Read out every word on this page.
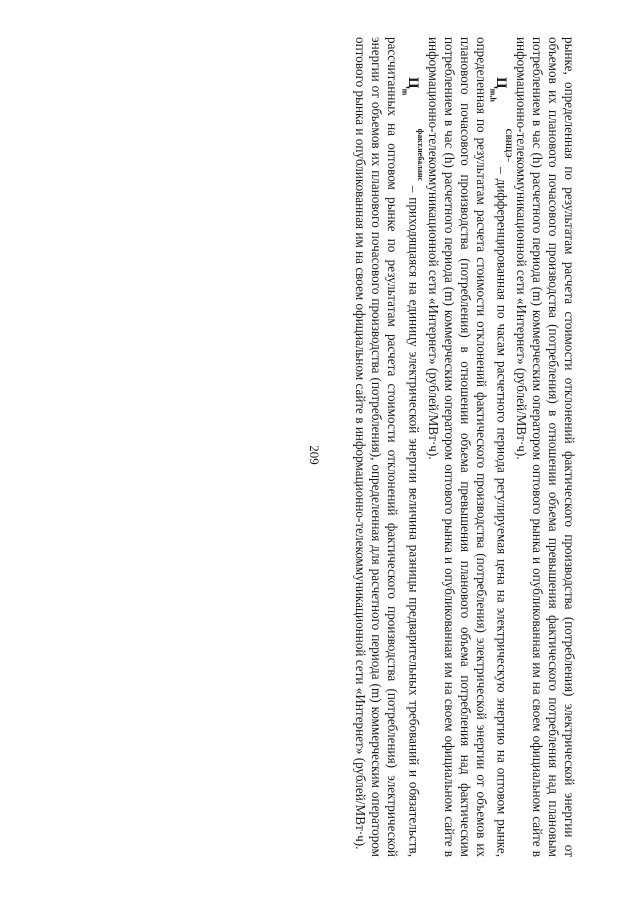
209	рынке, определенная по результатам расчета стоимости отклонений фактического производства (потребления) электрической энергии от объемов их планового почасового производства (потребления) в отношении объема превышения фактического потребления над плановым потреблением в час (h) расчетного периода (m) коммерческим оператором оптового рынка и опубликованная им на своем официальном сайте в информационно-телекоммуникационной сети «Интернет» (рублей/МВт·ч).

$Ц^{СВНЦЭ-}$
$_{m,h}$ – дифференцированная по часам расчетного периода регулируемая цена на электрическую энергию на оптовом рынке, определенная по результатам расчета стоимости отклонений фактического производства (потребления) электрической энергии от объемов их планового почасового производства (потребления) в отношении объема превышения планового объема потребления над фактическим потреблением в час (h) расчетного периода (m) коммерческим оператором оптового рынка и опубликованная им на своем официальном сайте в информационно-телекоммуникационной сети «Интернет» (рублей/МВт·ч).

$Ц^{факт.небаланс}$
$_m$ – приходящаяся на единицу электрической энергии величина разницы предварительных требований и обязательств, рассчитанных на оптовом рынке по результатам расчета стоимости отклонений фактического производства (потребления) электрической энергии от объемов их планового почасового производства (потребления), определенная для расчетного периода (m) коммерческим оператором оптового рынка и опубликованная им на своем официальном сайте в информационно-телекоммуникационной сети «Интернет» (рублей/МВт·ч).
